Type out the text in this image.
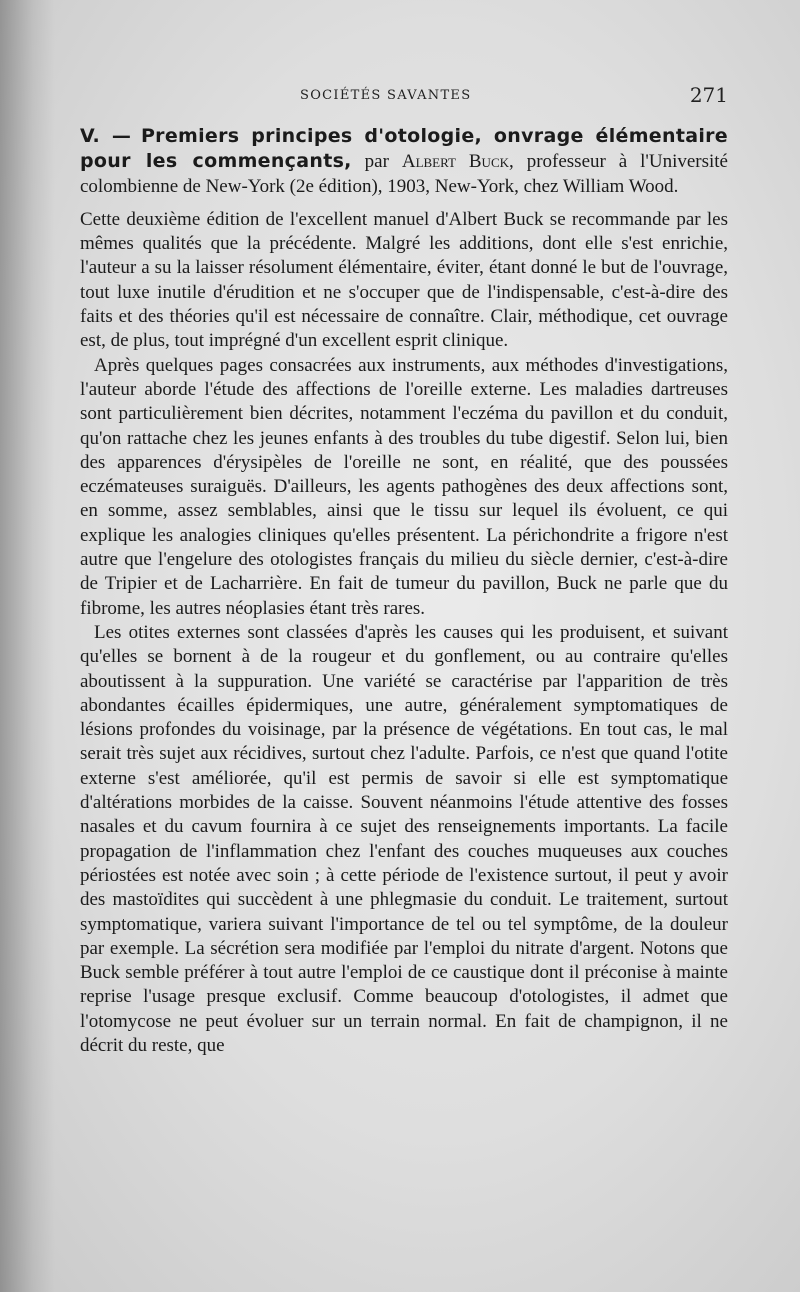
SOCIÉTÉS SAVANTES	271

V. — Premiers principes d'otologie, onvrage élémentaire pour les commençants, par Albert Buck, professeur à l'Université colombienne de New-York (2e édition), 1903, New-York, chez William Wood.

Cette deuxième édition de l'excellent manuel d'Albert Buck se recommande par les mêmes qualités que la précédente. Malgré les additions, dont elle s'est enrichie, l'auteur a su la laisser résolument élémentaire, éviter, étant donné le but de l'ouvrage, tout luxe inutile d'érudition et ne s'occuper que de l'indispensable, c'est-à-dire des faits et des théories qu'il est nécessaire de connaître. Clair, méthodique, cet ouvrage est, de plus, tout imprégné d'un excellent esprit clinique.

Après quelques pages consacrées aux instruments, aux méthodes d'investigations, l'auteur aborde l'étude des affections de l'oreille externe. Les maladies dartreuses sont particulièrement bien décrites, notamment l'eczéma du pavillon et du conduit, qu'on rattache chez les jeunes enfants à des troubles du tube digestif. Selon lui, bien des apparences d'érysipèles de l'oreille ne sont, en réalité, que des poussées eczémateuses suraiguës. D'ailleurs, les agents pathogènes des deux affections sont, en somme, assez semblables, ainsi que le tissu sur lequel ils évoluent, ce qui explique les analogies cliniques qu'elles présentent. La périchondrite a frigore n'est autre que l'engelure des otologistes français du milieu du siècle dernier, c'est-à-dire de Tripier et de Lacharrière. En fait de tumeur du pavillon, Buck ne parle que du fibrome, les autres néoplasies étant très rares.

Les otites externes sont classées d'après les causes qui les produisent, et suivant qu'elles se bornent à de la rougeur et du gonflement, ou au contraire qu'elles aboutissent à la suppuration. Une variété se caractérise par l'apparition de très abondantes écailles épidermiques, une autre, généralement symptomatiques de lésions profondes du voisinage, par la présence de végétations. En tout cas, le mal serait très sujet aux récidives, surtout chez l'adulte. Parfois, ce n'est que quand l'otite externe s'est améliorée, qu'il est permis de savoir si elle est symptomatique d'altérations morbides de la caisse. Souvent néanmoins l'étude attentive des fosses nasales et du cavum fournira à ce sujet des renseignements importants. La facile propagation de l'inflammation chez l'enfant des couches muqueuses aux couches périostées est notée avec soin ; à cette période de l'existence surtout, il peut y avoir des mastoïdites qui succèdent à une phlegmasie du conduit. Le traitement, surtout symptomatique, variera suivant l'importance de tel ou tel symptôme, de la douleur par exemple. La sécrétion sera modifiée par l'emploi du nitrate d'argent. Notons que Buck semble préférer à tout autre l'emploi de ce caustique dont il préconise à mainte reprise l'usage presque exclusif. Comme beaucoup d'otologistes, il admet que l'otomycose ne peut évoluer sur un terrain normal. En fait de champignon, il ne décrit du reste, que
